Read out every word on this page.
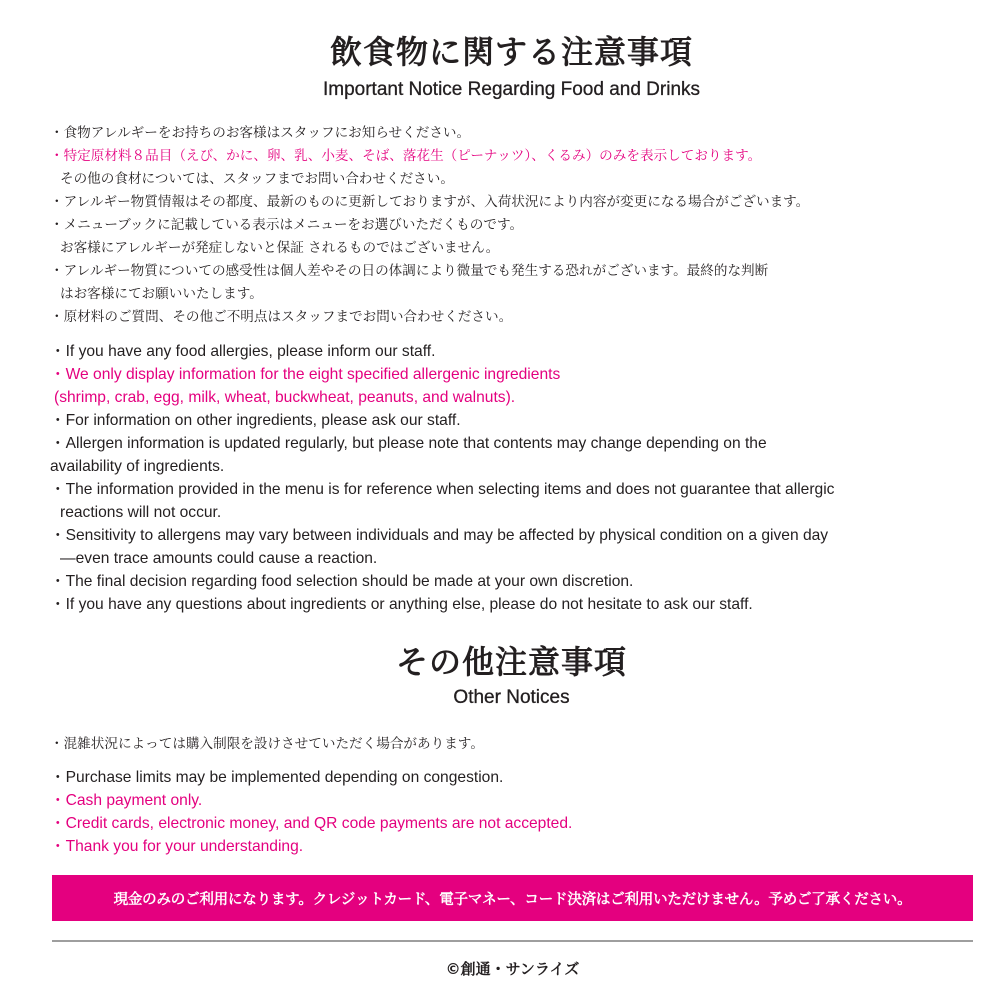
飲食物に関する注意事項
Important Notice Regarding Food and Drinks
・食物アレルギーをお持ちのお客様はスタッフにお知らせください。
・特定原材料８品目（えび、かに、卵、乳、小麦、そば、落花生（ピーナッツ）、くるみ）のみを表示しております。
その他の食材については、スタッフまでお問い合わせください。
・アレルギー物質情報はその都度、最新のものに更新しておりますが、入荷状況により内容が変更になる場合がございます。
・メニューブックに記載している表示はメニューをお選びいただくものです。
お客様にアレルギーが発症しないと保証 されるものではございません。
・アレルギー物質についての感受性は個人差やその日の体調により微量でも発生する恐れがございます。最終的な判断
はお客様にてお願いいたします。
・原材料のご質問、その他ご不明点はスタッフまでお問い合わせください。
・If you have any food allergies, please inform our staff.
・We only display information for the eight specified allergenic ingredients
(shrimp, crab, egg, milk, wheat, buckwheat, peanuts, and walnuts).
・For information on other ingredients, please ask our staff.
・Allergen information is updated regularly, but please note that contents may change depending on the
availability of ingredients.
・The information provided in the menu is for reference when selecting items and does not guarantee that allergic
reactions will not occur.
・Sensitivity to allergens may vary between individuals and may be affected by physical condition on a given day
—even trace amounts could cause a reaction.
・The final decision regarding food selection should be made at your own discretion.
・If you have any questions about ingredients or anything else, please do not hesitate to ask our staff.
その他注意事項
Other Notices
・混雑状況によっては購入制限を設けさせていただく場合があります。
・Purchase limits may be implemented depending on congestion.
・Cash payment only.
・Credit cards, electronic money, and QR code payments are not accepted.
・Thank you for your understanding.
現金のみのご利用になります。クレジットカード、電子マネー、コード決済はご利用いただけません。予めご了承ください。
©創通・サンライズ
